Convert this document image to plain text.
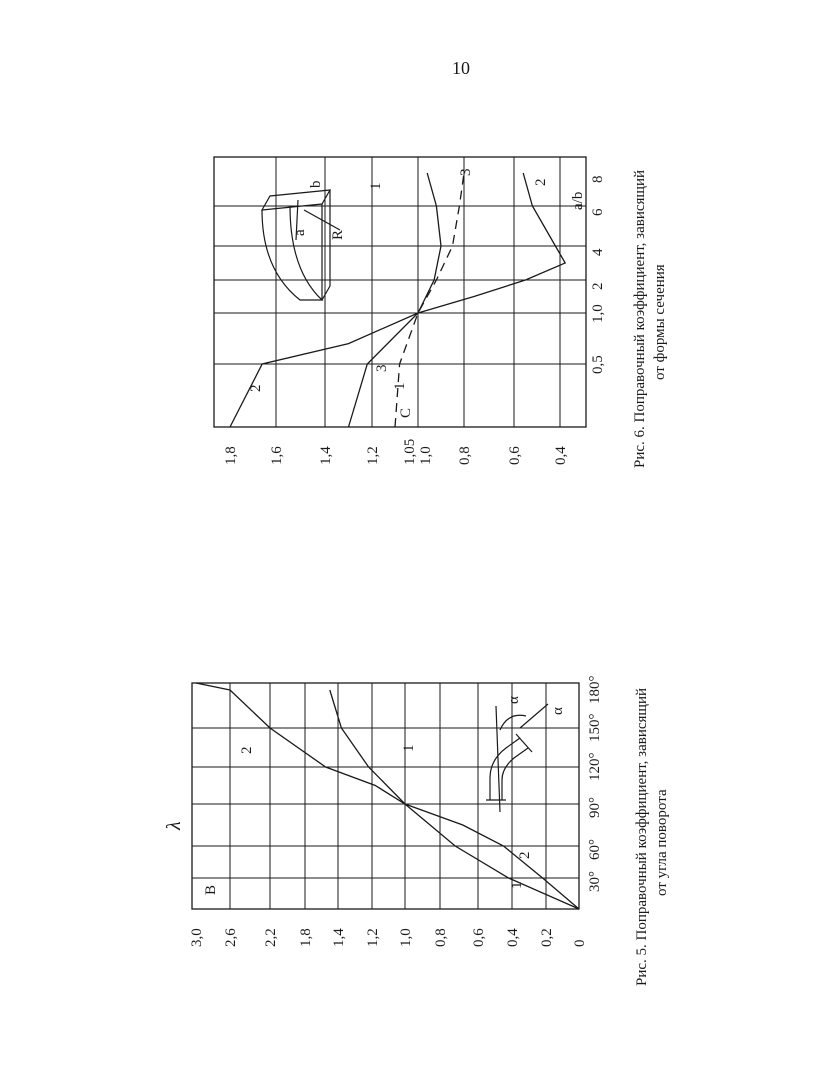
10
30°
60°
90°
120°
150°
180°
0
0,2
0,4
0,6
0,8
1,0
1,2
1,4
1,8
2,2
2,6
3,0
1
2
2	1
B
α
λ
α	Рис. 5. Поправочный коэффициент, зависящий от угла поворота
0,5
1,0
2
4
6
8
0,4
0,6
0,8
1,0
1,05
1,2
1,4
1,6
1,8
2	1
3
1
3
2
C
a/b
a
b
R	Рис. 6. Поправочный коэффициент, зависящий от формы сечения
